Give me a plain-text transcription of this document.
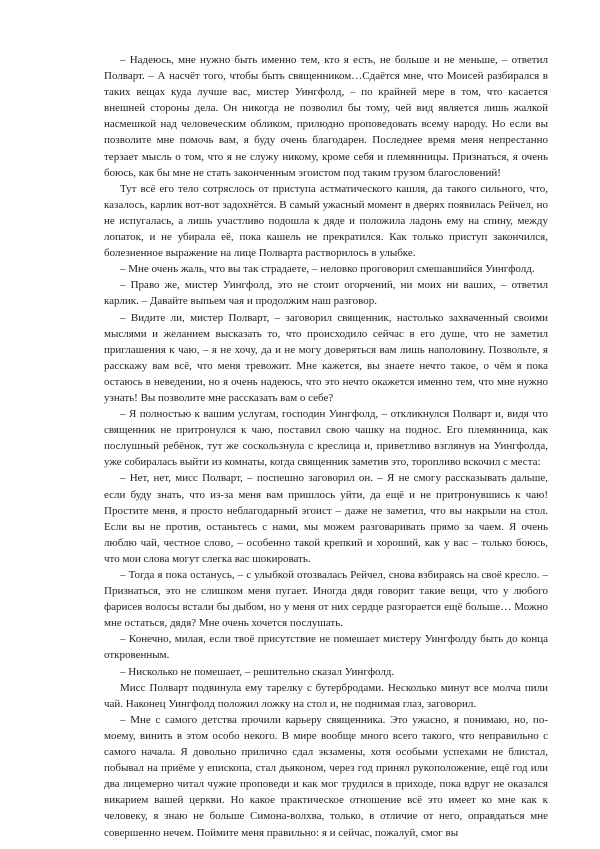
– Надеюсь, мне нужно быть именно тем, кто я есть, не больше и не меньше, – ответил Полварт. – А насчёт того, чтобы быть священником…Сдаётся мне, что Моисей разбирался в таких вещах куда лучше вас, мистер Уингфолд, – по крайней мере в том, что касается внешней стороны дела. Он никогда не позволил бы тому, чей вид является лишь жалкой насмешкой над человеческим обликом, прилюдно проповедовать всему народу. Но если вы позволите мне помочь вам, я буду очень благодарен. Последнее время меня непрестанно терзает мысль о том, что я не служу никому, кроме себя и племянницы. Признаться, я очень боюсь, как бы мне не стать законченным эгоистом под таким грузом благословений!

Тут всё его тело сотряслось от приступа астматического кашля, да такого сильного, что, казалось, карлик вот-вот задохнётся. В самый ужасный момент в дверях появилась Рейчел, но не испугалась, а лишь участливо подошла к дяде и положила ладонь ему на спину, между лопаток, и не убирала её, пока кашель не прекратился. Как только приступ закончился, болезненное выражение на лице Полварта растворилось в улыбке.

– Мне очень жаль, что вы так страдаете, – неловко проговорил смешавшийся Уингфолд.

– Право же, мистер Уингфолд, это не стоит огорчений, ни моих ни ваших, – ответил карлик. – Давайте выпьем чая и продолжим наш разговор.

– Видите ли, мистер Полварт, – заговорил священник, настолько захваченный своими мыслями и желанием высказать то, что происходило сейчас в его душе, что не заметил приглашения к чаю, – я не хочу, да и не могу доверяться вам лишь наполовину. Позвольте, я расскажу вам всё, что меня тревожит. Мне кажется, вы знаете нечто такое, о чём я пока остаюсь в неведении, но я очень надеюсь, что это нечто окажется именно тем, что мне нужно узнать! Вы позволите мне рассказать вам о себе?

– Я полностью к вашим услугам, господин Уингфолд, – откликнулся Полварт и, видя что священник не притронулся к чаю, поставил свою чашку на поднос. Его племянница, как послушный ребёнок, тут же соскользнула с креслица и, приветливо взглянув на Уингфолда, уже собиралась выйти из комнаты, когда священник заметив это, торопливо вскочил с места:

– Нет, нет, мисс Полварт, – поспешно заговорил он. – Я не смогу рассказывать дальше, если буду знать, что из-за меня вам пришлось уйти, да ещё и не притронувшись к чаю! Простите меня, я просто неблагодарный эгоист – даже не заметил, что вы накрыли на стол. Если вы не против, останьтесь с нами, мы можем разговаривать прямо за чаем. Я очень люблю чай, честное слово, – особенно такой крепкий и хороший, как у вас – только боюсь, что мои слова могут слегка вас шокировать.

– Тогда я пока останусь, – с улыбкой отозвалась Рейчел, снова взбираясь на своё кресло. – Признаться, это не слишком меня пугает. Иногда дядя говорит такие вещи, что у любого фарисея волосы встали бы дыбом, но у меня от них сердце разгорается ещё больше… Можно мне остаться, дядя? Мне очень хочется послушать.

– Конечно, милая, если твоё присутствие не помешает мистеру Уингфолду быть до конца откровенным.

– Нисколько не помешает, – решительно сказал Уингфолд.

Мисс Полварт подвинула ему тарелку с бутербродами. Несколько минут все молча пили чай. Наконец Уингфолд положил ложку на стол и, не поднимая глаз, заговорил.

– Мне с самого детства прочили карьеру священника. Это ужасно, я понимаю, но, по-моему, винить в этом особо некого. В мире вообще много всего такого, что неправильно с самого начала. Я довольно прилично сдал экзамены, хотя особыми успехами не блистал, побывал на приёме у епископа, стал дьяконом, через год принял рукоположение, ещё год или два лицемерно читал чужие проповеди и как мог трудился в приходе, пока вдруг не оказался викарием вашей церкви. Но какое практическое отношение всё это имеет ко мне как к человеку, я знаю не больше Симона-волхва, только, в отличие от него, оправдаться мне совершенно нечем. Поймите меня правильно: я и сейчас, пожалуй, смог вы
